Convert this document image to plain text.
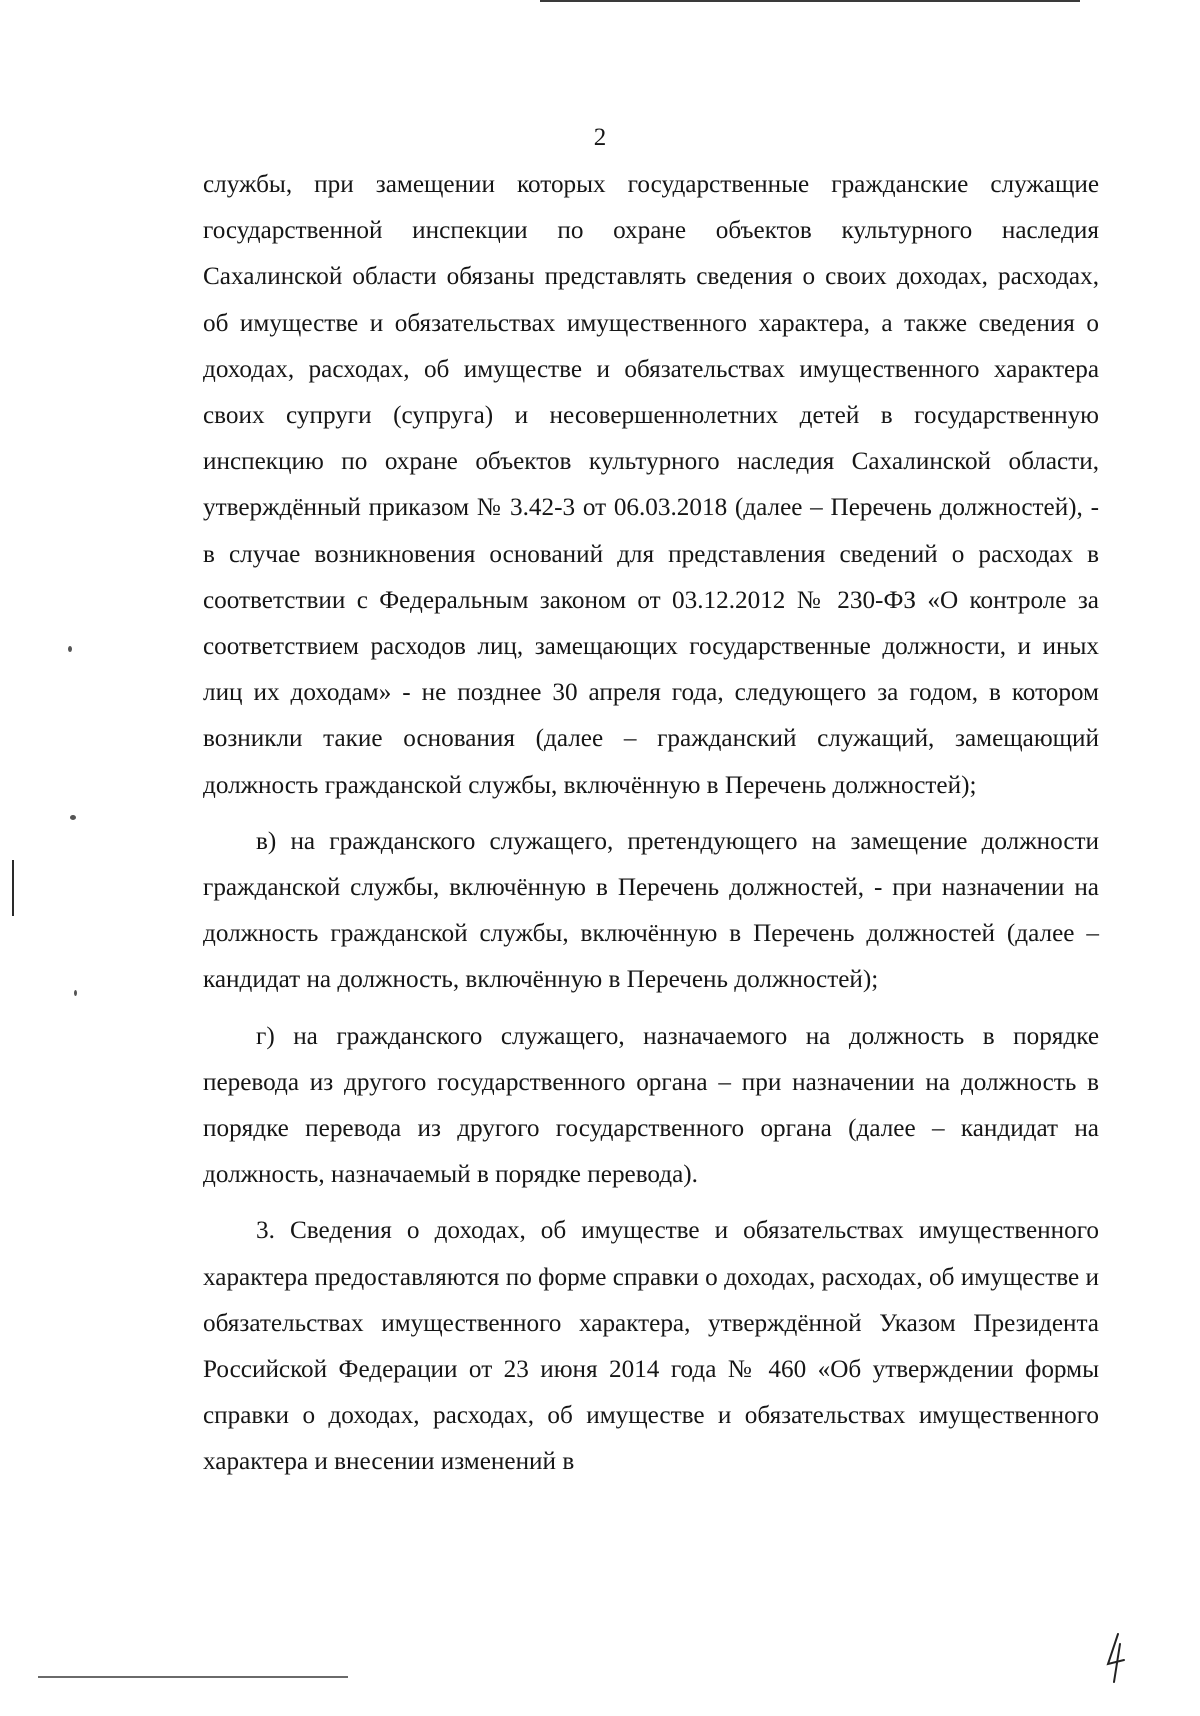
2

службы, при замещении которых государственные гражданские служащие государственной инспекции по охране объектов культурного наследия Сахалинской области обязаны представлять сведения о своих доходах, расходах, об имуществе и обязательствах имущественного характера, а также сведения о доходах, расходах, об имуществе и обязательствах имущественного характера своих супруги (супруга) и несовершеннолетних детей в государственную инспекцию по охране объектов культурного наследия Сахалинской области, утверждённый приказом № 3.42-3 от 06.03.2018 (далее – Перечень должностей), - в случае возникновения оснований для представления сведений о расходах в соответствии с Федеральным законом от 03.12.2012 № 230-ФЗ «О контроле за соответствием расходов лиц, замещающих государственные должности, и иных лиц их доходам» - не позднее 30 апреля года, следующего за годом, в котором возникли такие основания (далее – гражданский служащий, замещающий должность гражданской службы, включённую в Перечень должностей);

в) на гражданского служащего, претендующего на замещение должности гражданской службы, включённую в Перечень должностей, - при назначении на должность гражданской службы, включённую в Перечень должностей (далее – кандидат на должность, включённую в Перечень должностей);

г) на гражданского служащего, назначаемого на должность в порядке перевода из другого государственного органа – при назначении на должность в порядке перевода из другого государственного органа (далее – кандидат на должность, назначаемый в порядке перевода).

3. Сведения о доходах, об имуществе и обязательствах имущественного характера предоставляются по форме справки о доходах, расходах, об имуществе и обязательствах имущественного характера, утверждённой Указом Президента Российской Федерации от 23 июня 2014 года № 460 «Об утверждении формы справки о доходах, расходах, об имуществе и обязательствах имущественного характера и внесении изменений в
